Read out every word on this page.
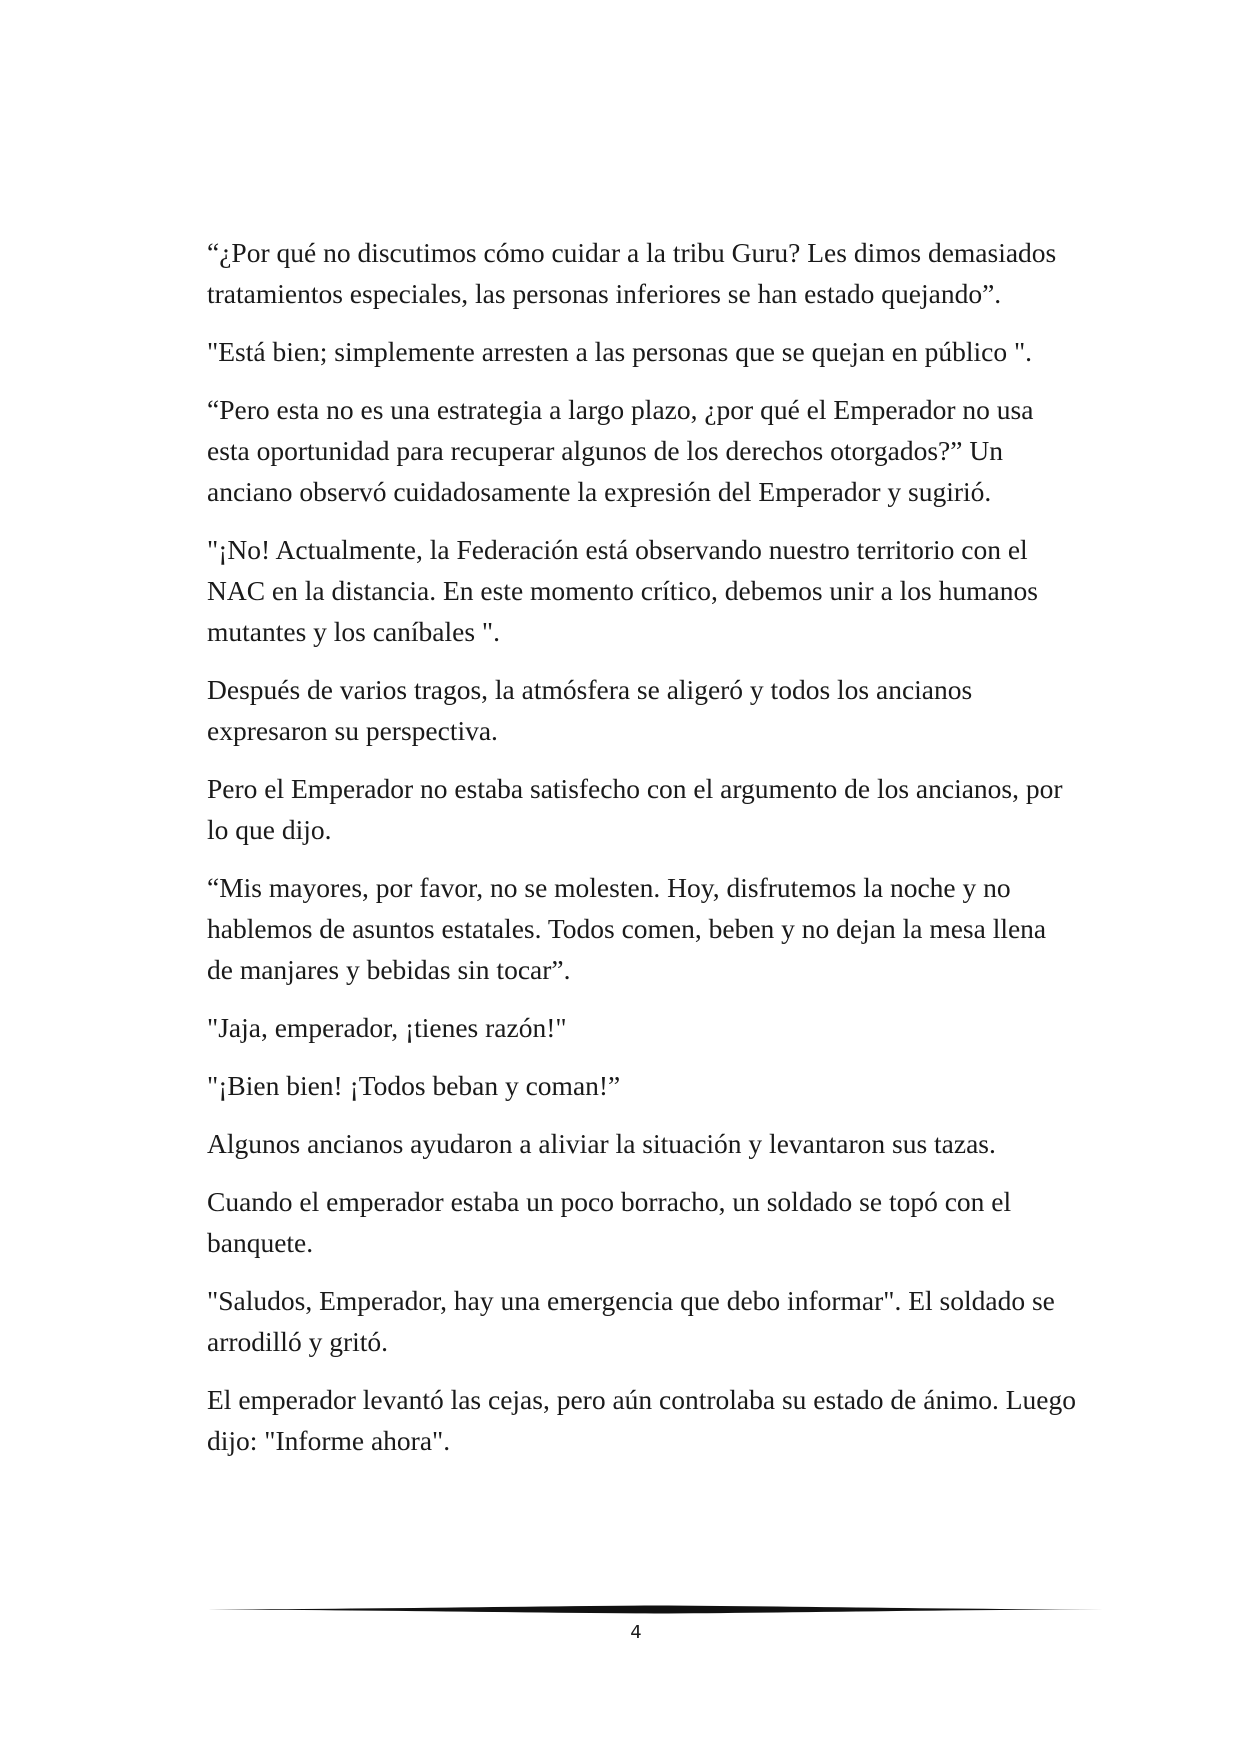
“¿Por qué no discutimos cómo cuidar a la tribu Guru? Les dimos demasiados tratamientos especiales, las personas inferiores se han estado quejando”.

"Está bien; simplemente arresten a las personas que se quejan en público ".

“Pero esta no es una estrategia a largo plazo, ¿por qué el Emperador no usa esta oportunidad para recuperar algunos de los derechos otorgados?” Un anciano observó cuidadosamente la expresión del Emperador y sugirió.

"¡No! Actualmente, la Federación está observando nuestro territorio con el NAC en la distancia. En este momento crítico, debemos unir a los humanos mutantes y los caníbales ".

Después de varios tragos, la atmósfera se aligeró y todos los ancianos expresaron su perspectiva.

Pero el Emperador no estaba satisfecho con el argumento de los ancianos, por lo que dijo.

“Mis mayores, por favor, no se molesten. Hoy, disfrutemos la noche y no hablemos de asuntos estatales. Todos comen, beben y no dejan la mesa llena de manjares y bebidas sin tocar”.

"Jaja, emperador, ¡tienes razón!"

"¡Bien bien! ¡Todos beban y coman!”

Algunos ancianos ayudaron a aliviar la situación y levantaron sus tazas.

Cuando el emperador estaba un poco borracho, un soldado se topó con el banquete.

"Saludos, Emperador, hay una emergencia que debo informar". El soldado se arrodilló y gritó.

El emperador levantó las cejas, pero aún controlaba su estado de ánimo. Luego dijo: "Informe ahora".

4
